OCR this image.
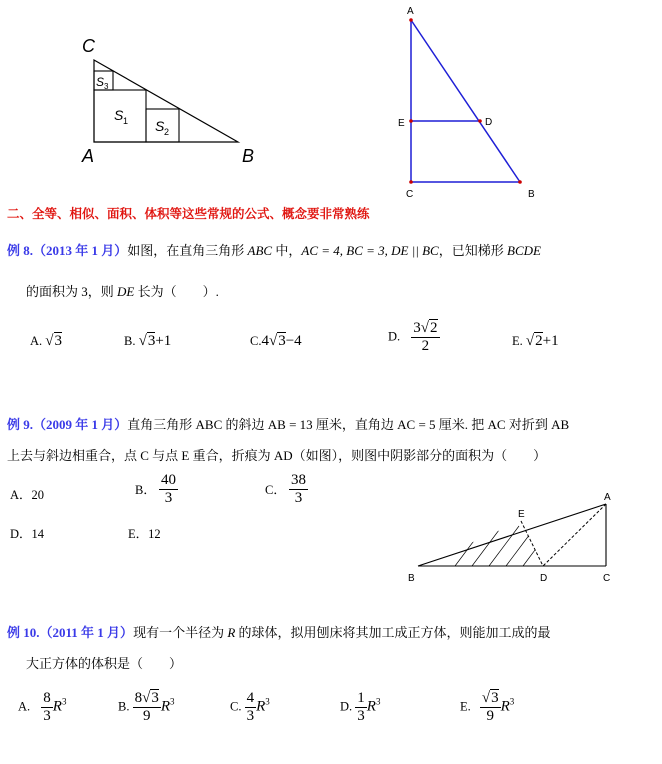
C
A	B
S 3
S 1 S 2
A
E	D
C	B
二、全等、相似、面积、体积等这些常规的公式、概念要非常熟练
例 8.（2013 年 1 月）如图，在直角三角形 ABC 中，AC = 4, BC = 3, DE || BC，已知梯形 BCDE
的面积为 3，则 DE 长为（　　）.
A. √3	B. √3+1	C.4√3−4	D. $\frac{3√2}{2}$	E. √2+1
例 9.（2009 年 1 月）直角三角形 ABC 的斜边 AB = 13 厘米，直角边 AC = 5 厘米. 把 AC 对折到 AB
上去与斜边相重合，点 C 与点 E 重合，折痕为 AD（如图），则图中阴影部分的面积为（　　）
A．20	B． $\frac{40}{3}$	C． $\frac{38}{3}$
D．14	E．12
A
E
B	D	C
例 10.（2011 年 1 月）现有一个半径为 R 的球体，拟用刨床将其加工成正方体，则能加工成的最
大正方体的体积是（　　）
A. $\frac{8}{3} R^3$	B. $\frac{8√3}{9} R^3$	C. $\frac{4}{3} R^3$	D. $\frac{1}{3} R^3$	E. $\frac{√3}{9} R^3$
